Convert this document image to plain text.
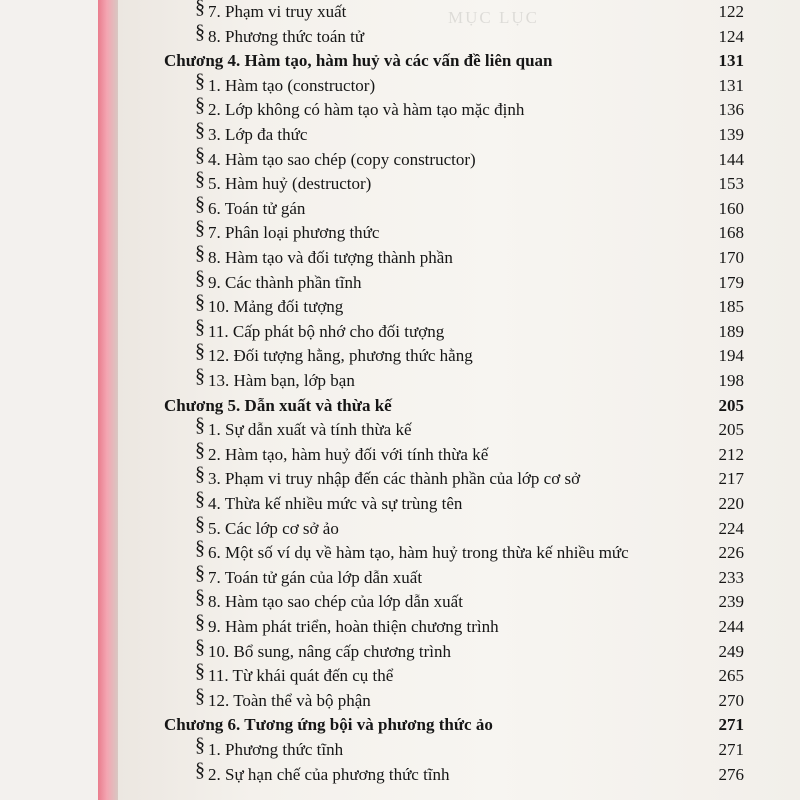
MỤC LỤC
§ 7. Phạm vi truy xuất	122
§ 8. Phương thức toán tử	124
Chương 4. Hàm tạo, hàm huỷ và các vấn đề liên quan	131
§ 1. Hàm tạo (constructor)	131
§ 2. Lớp không có hàm tạo và hàm tạo mặc định	136
§ 3. Lớp đa thức	139
§ 4. Hàm tạo sao chép (copy constructor)	144
§ 5. Hàm huỷ (destructor)	153
§ 6. Toán tử gán	160
§ 7. Phân loại phương thức	168
§ 8. Hàm tạo và đối tượng thành phần	170
§ 9. Các thành phần tĩnh	179
§ 10. Mảng đối tượng	185
§ 11. Cấp phát bộ nhớ cho đối tượng	189
§ 12. Đối tượng hằng, phương thức hằng	194
§ 13. Hàm bạn, lớp bạn	198
Chương 5. Dẫn xuất và thừa kế	205
§ 1. Sự dẫn xuất và tính thừa kế	205
§ 2. Hàm tạo, hàm huỷ đối với tính thừa kế	212
§ 3. Phạm vi truy nhập đến các thành phần của lớp cơ sở	217
§ 4. Thừa kế nhiều mức và sự trùng tên	220
§ 5. Các lớp cơ sở ảo	224
§ 6. Một số ví dụ về hàm tạo, hàm huỷ trong thừa kế nhiều mức	226
§ 7. Toán tử gán của lớp dẫn xuất	233
§ 8. Hàm tạo sao chép của lớp dẫn xuất	239
§ 9. Hàm phát triển, hoàn thiện chương trình	244
§ 10. Bổ sung, nâng cấp chương trình	249
§ 11. Từ khái quát đến cụ thể	265
§ 12. Toàn thể và bộ phận	270
Chương 6. Tương ứng bội và phương thức ảo	271
§ 1. Phương thức tĩnh	271
§ 2. Sự hạn chế của phương thức tĩnh	276
